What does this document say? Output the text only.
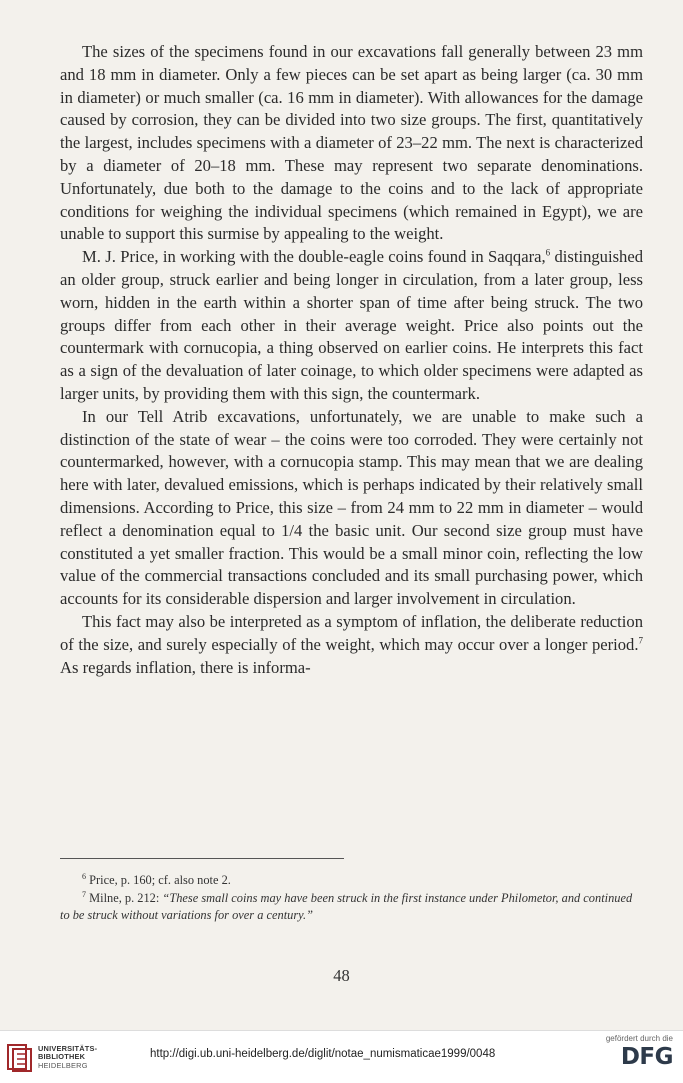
The sizes of the specimens found in our excavations fall generally between 23 mm and 18 mm in diameter. Only a few pieces can be set apart as being larger (ca. 30 mm in diameter) or much smaller (ca. 16 mm in diameter). With allowances for the damage caused by corrosion, they can be divided into two size groups. The first, quantitatively the largest, includes specimens with a diameter of 23–22 mm. The next is characterized by a diameter of 20–18 mm. These may represent two separate denominations. Unfortunately, due both to the damage to the coins and to the lack of appropriate conditions for weighing the individual specimens (which remained in Egypt), we are unable to support this surmise by appealing to the weight.

M. J. Price, in working with the double-eagle coins found in Saqqara,$^6$ distinguished an older group, struck earlier and being longer in circulation, from a later group, less worn, hidden in the earth within a shorter span of time after being struck. The two groups differ from each other in their average weight. Price also points out the countermark with cornucopia, a thing observed on earlier coins. He interprets this fact as a sign of the devaluation of later coinage, to which older specimens were adapted as larger units, by providing them with this sign, the countermark.

In our Tell Atrib excavations, unfortunately, we are unable to make such a distinction of the state of wear – the coins were too corroded. They were certainly not countermarked, however, with a cornucopia stamp. This may mean that we are dealing here with later, devalued emissions, which is perhaps indicated by their relatively small dimensions. According to Price, this size – from 24 mm to 22 mm in diameter – would reflect a denomination equal to 1/4 the basic unit. Our second size group must have constituted a yet smaller fraction. This would be a small minor coin, reflecting the low value of the commercial transactions concluded and its small purchasing power, which accounts for its considerable dispersion and larger involvement in circulation.

This fact may also be interpreted as a symptom of inflation, the deliberate reduction of the size, and surely especially of the weight, which may occur over a longer period.$^7$ As regards inflation, there is informa-

$^6$ Price, p. 160; cf. also note 2.

$^7$ Milne, p. 212: “These small coins may have been struck in the first instance under Philometor, and continued to be struck without variations for over a century.”

48
UNIVERSITÄTS-
BIBLIOTHEK
HEIDELBERG
http://digi.ub.uni-heidelberg.de/diglit/notae_numismaticae1999/0048
gefördert durch die
DFG
